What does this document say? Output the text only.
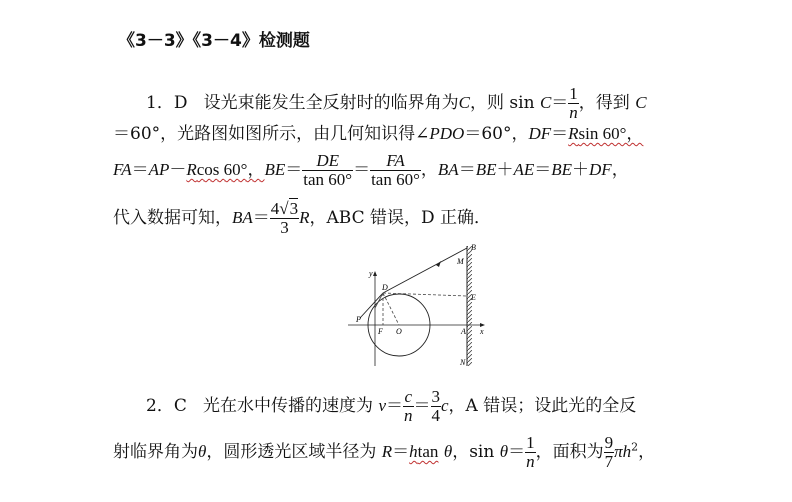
《3－3》《3－4》检测题
1．D 设光束能发生全反射时的临界角为C，则 $\sin C= \frac{1}{n}$ ，得到 C
＝60°，光路图如图所示，由几何知识得∠PDO＝60°，DF＝Rsin 60°，
FA＝AP－Rcos 60°，$BE= \frac{DE}{\tan 60^\circ} = \frac{FA}{\tan 60^\circ}$ ，BA＝BE＋AE＝BE＋DF，
代入数据可知，$BA= \frac{4√3}{3}$ R，ABC 错误，D 正确．
B
M
E
D
y
P
F O	A
N
x
2．C 光在水中传播的速度为 $v= \frac{c}{n} = \frac{3}{4}$ c，A 错误；设此光的全反
射临界角为θ，圆形透光区域半径为 R＝htan θ，$\sin \theta= \frac{1}{n}$ ，面积为 $\frac{9}{7} \pi h^2$，
